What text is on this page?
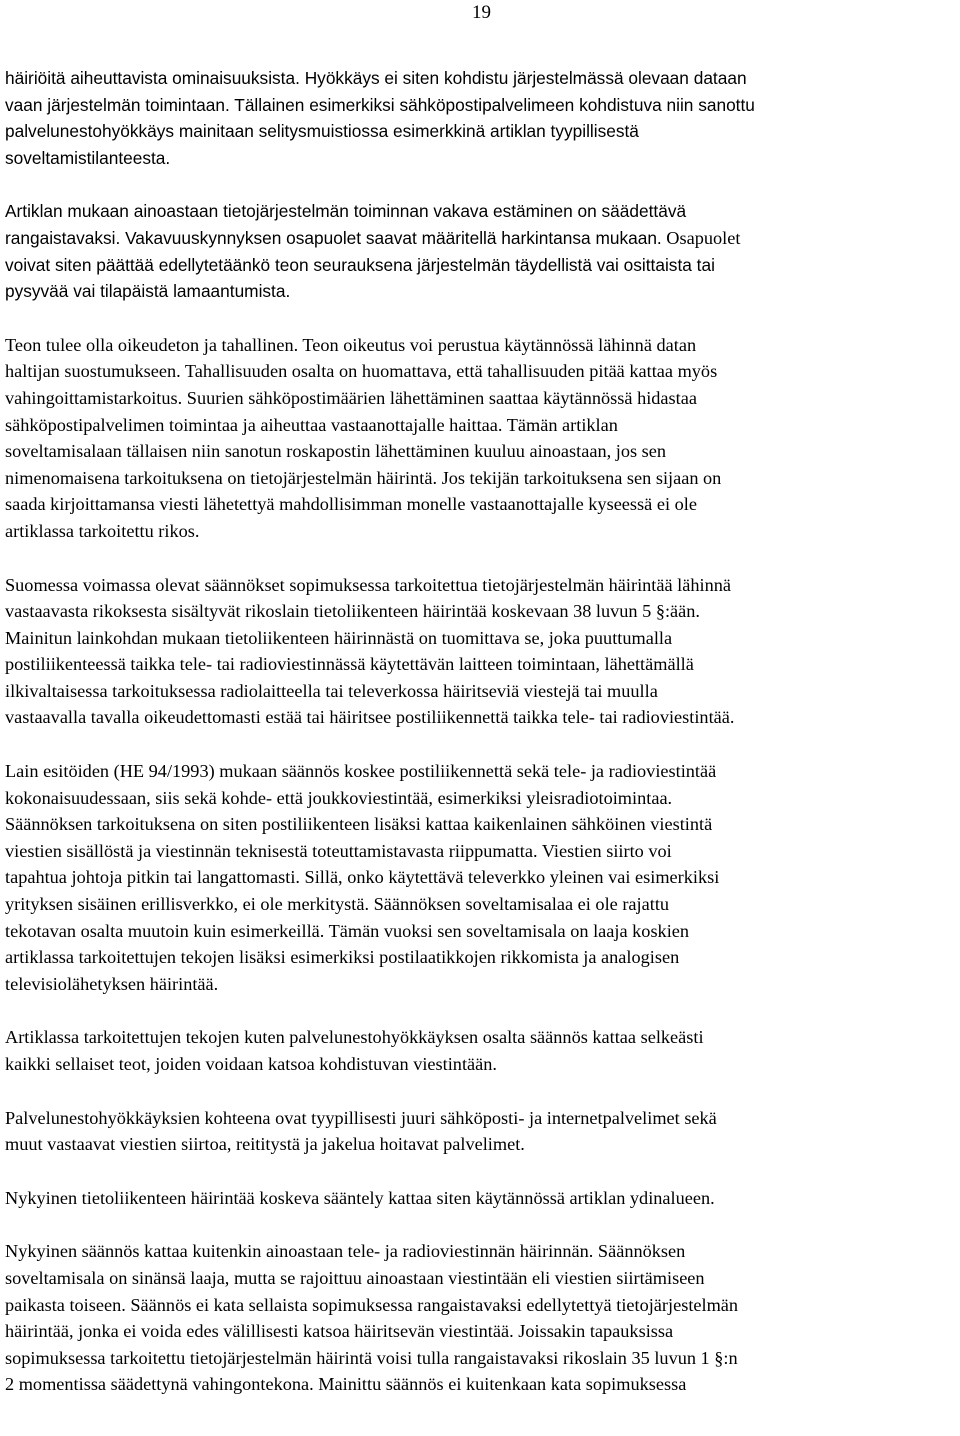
19

häiriöitä aiheuttavista ominaisuuksista. Hyökkäys ei siten kohdistu järjestelmässä olevaan dataan
vaan järjestelmän toimintaan. Tällainen esimerkiksi sähköpostipalvelimeen kohdistuva niin sanottu
palvelunestohyökkäys mainitaan selitysmuistiossa esimerkkinä artiklan tyypillisestä
soveltamistilanteesta.

Artiklan mukaan ainoastaan tietojärjestelmän toiminnan vakava estäminen on säädettävä
rangaistavaksi. Vakavuuskynnyksen osapuolet saavat määritellä harkintansa mukaan. Osapuolet
voivat siten päättää edellytetäänkö teon seurauksena järjestelmän täydellistä vai osittaista tai
pysyvää vai tilapäistä lamaantumista.

Teon tulee olla oikeudeton ja tahallinen. Teon oikeutus voi perustua käytännössä lähinnä datan
haltijan suostumukseen. Tahallisuuden osalta on huomattava, että tahallisuuden pitää kattaa myös
vahingoittamistarkoitus. Suurien sähköpostimäärien lähettäminen saattaa käytännössä hidastaa
sähköpostipalvelimen toimintaa ja aiheuttaa vastaanottajalle haittaa. Tämän artiklan
soveltamisalaan tällaisen niin sanotun roskapostin lähettäminen kuuluu ainoastaan, jos sen
nimenomaisena tarkoituksena on tietojärjestelmän häirintä. Jos tekijän tarkoituksena sen sijaan on
saada kirjoittamansa viesti lähetettyä mahdollisimman monelle vastaanottajalle kyseessä ei ole
artiklassa tarkoitettu rikos.

Suomessa voimassa olevat säännökset sopimuksessa tarkoitettua tietojärjestelmän häirintää lähinnä
vastaavasta rikoksesta sisältyvät rikoslain tietoliikenteen häirintää koskevaan 38 luvun 5 §:ään.
Mainitun lainkohdan mukaan tietoliikenteen häirinnästä on tuomittava se, joka puuttumalla
postiliikenteessä taikka tele- tai radioviestinnässä käytettävän laitteen toimintaan, lähettämällä
ilkivaltaisessa tarkoituksessa radiolaitteella tai televerkossa häiritseviä viestejä tai muulla
vastaavalla tavalla oikeudettomasti estää tai häiritsee postiliikennettä taikka tele- tai radioviestintää.

Lain esitöiden (HE 94/1993) mukaan säännös koskee postiliikennettä sekä tele- ja radioviestintää
kokonaisuudessaan, siis sekä kohde- että joukkoviestintää, esimerkiksi yleisradiotoimintaa.
Säännöksen tarkoituksena on siten postiliikenteen lisäksi kattaa kaikenlainen sähköinen viestintä
viestien sisällöstä ja viestinnän teknisestä toteuttamistavasta riippumatta. Viestien siirto voi
tapahtua johtoja pitkin tai langattomasti. Sillä, onko käytettävä televerkko yleinen vai esimerkiksi
yrityksen sisäinen erillisverkko, ei ole merkitystä. Säännöksen soveltamisalaa ei ole rajattu
tekotavan osalta muutoin kuin esimerkeillä. Tämän vuoksi sen soveltamisala on laaja koskien
artiklassa tarkoitettujen tekojen lisäksi esimerkiksi postilaatikkojen rikkomista ja analogisen
televisiolähetyksen häirintää.

Artiklassa tarkoitettujen tekojen kuten palvelunestohyökkäyksen osalta säännös kattaa selkeästi
kaikki sellaiset teot, joiden voidaan katsoa kohdistuvan viestintään.

Palvelunestohyökkäyksien kohteena ovat tyypillisesti juuri sähköposti- ja internetpalvelimet sekä
muut vastaavat viestien siirtoa, reititystä ja jakelua hoitavat palvelimet.

Nykyinen tietoliikenteen häirintää koskeva sääntely kattaa siten käytännössä artiklan ydinalueen.

Nykyinen säännös kattaa kuitenkin ainoastaan tele- ja radioviestinnän häirinnän. Säännöksen
soveltamisala on sinänsä laaja, mutta se rajoittuu ainoastaan viestintään eli viestien siirtämiseen
paikasta toiseen. Säännös ei kata sellaista sopimuksessa rangaistavaksi edellytettyä tietojärjestelmän
häirintää, jonka ei voida edes välillisesti katsoa häiritsevän viestintää. Joissakin tapauksissa
sopimuksessa tarkoitettu tietojärjestelmän häirintä voisi tulla rangaistavaksi rikoslain 35 luvun 1 §:n
2 momentissa säädettynä vahingontekona. Mainittu säännös ei kuitenkaan kata sopimuksessa
